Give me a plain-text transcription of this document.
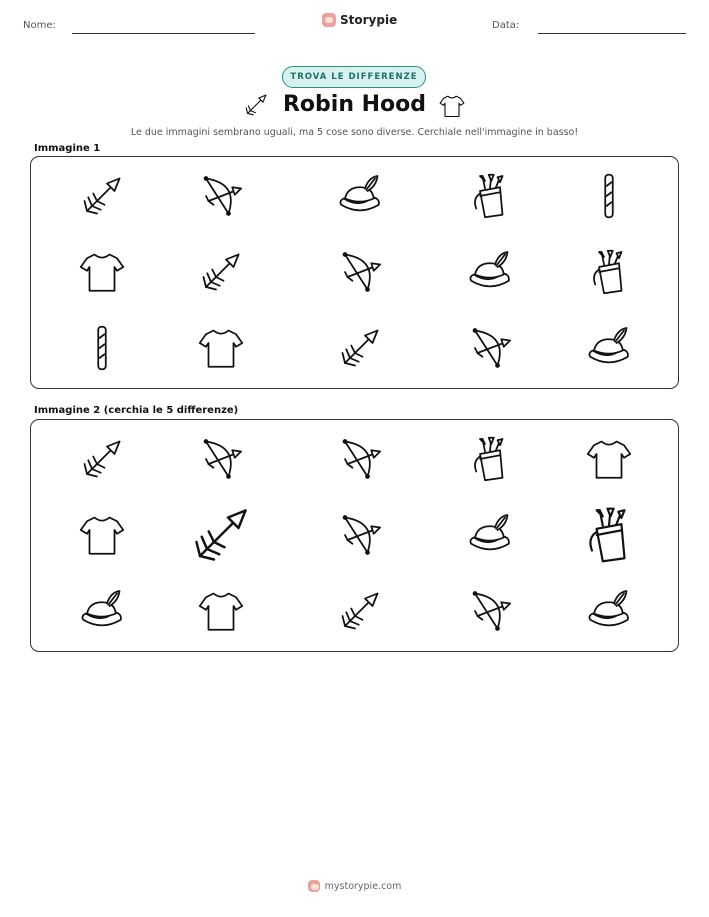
Nome:	Storypie	Data:
TROVA LE DIFFERENZE
Robin Hood
Le due immagini sembrano uguali, ma 5 cose sono diverse. Cerchiale nell'immagine in basso!
Immagine 1
Immagine 2 (cerchia le 5 differenze)
mystorypie.com
